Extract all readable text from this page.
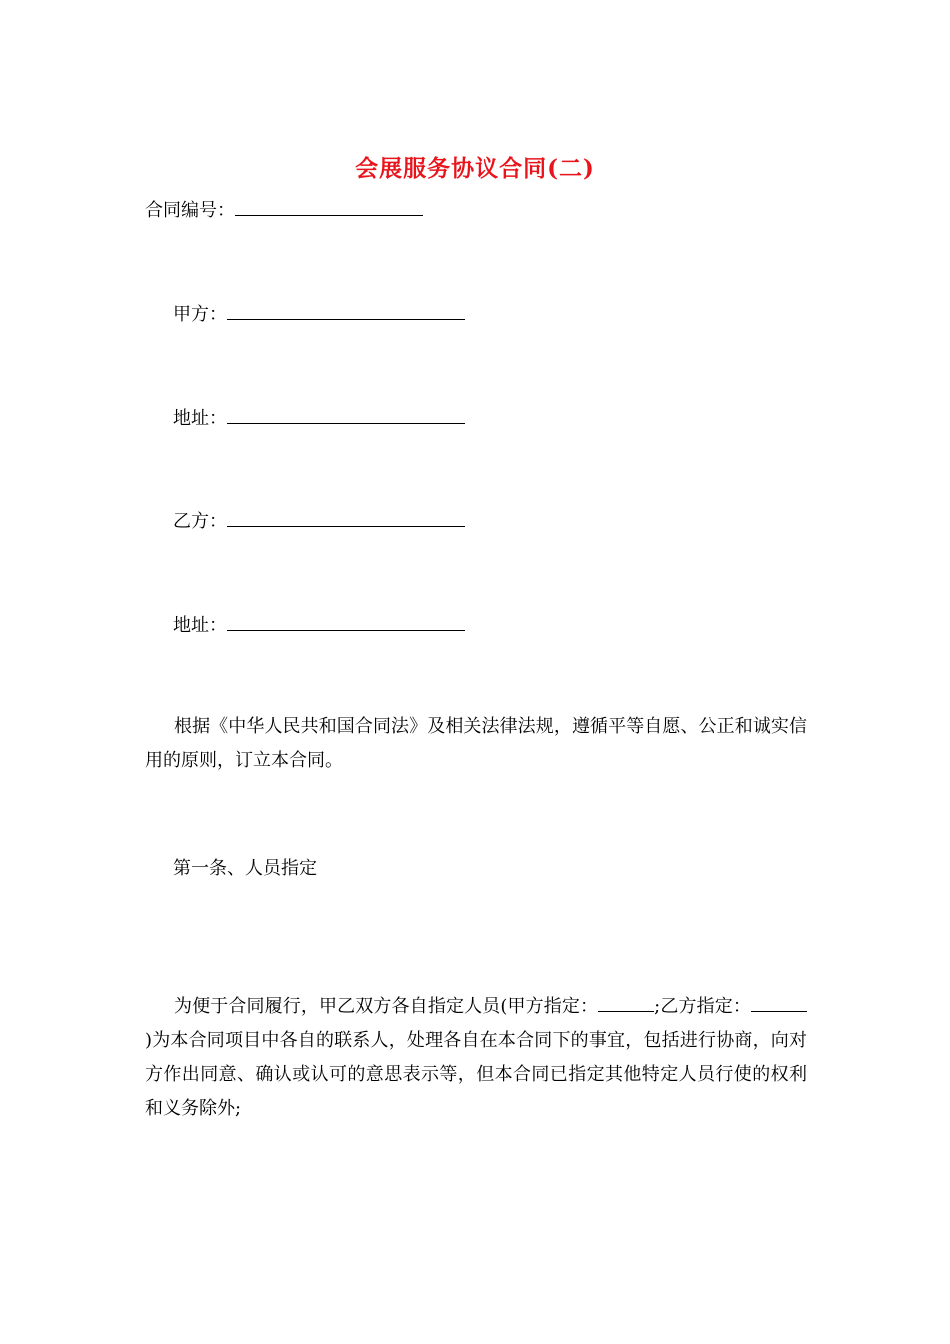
会展服务协议合同(二)
合同编号：
甲方：
地址：
乙方：
地址：
根据《中华人民共和国合同法》及相关法律法规，遵循平等自愿、公正和诚实信用的原则，订立本合同。
第一条、人员指定
为便于合同履行，甲乙双方各自指定人员(甲方指定：	;乙方指定：)为本合同项目中各自的联系人，处理各自在本合同下的事宜，包括进行协商，向对方作出同意、确认或认可的意思表示等，但本合同已指定其他特定人员行使的权利和义务除外;
